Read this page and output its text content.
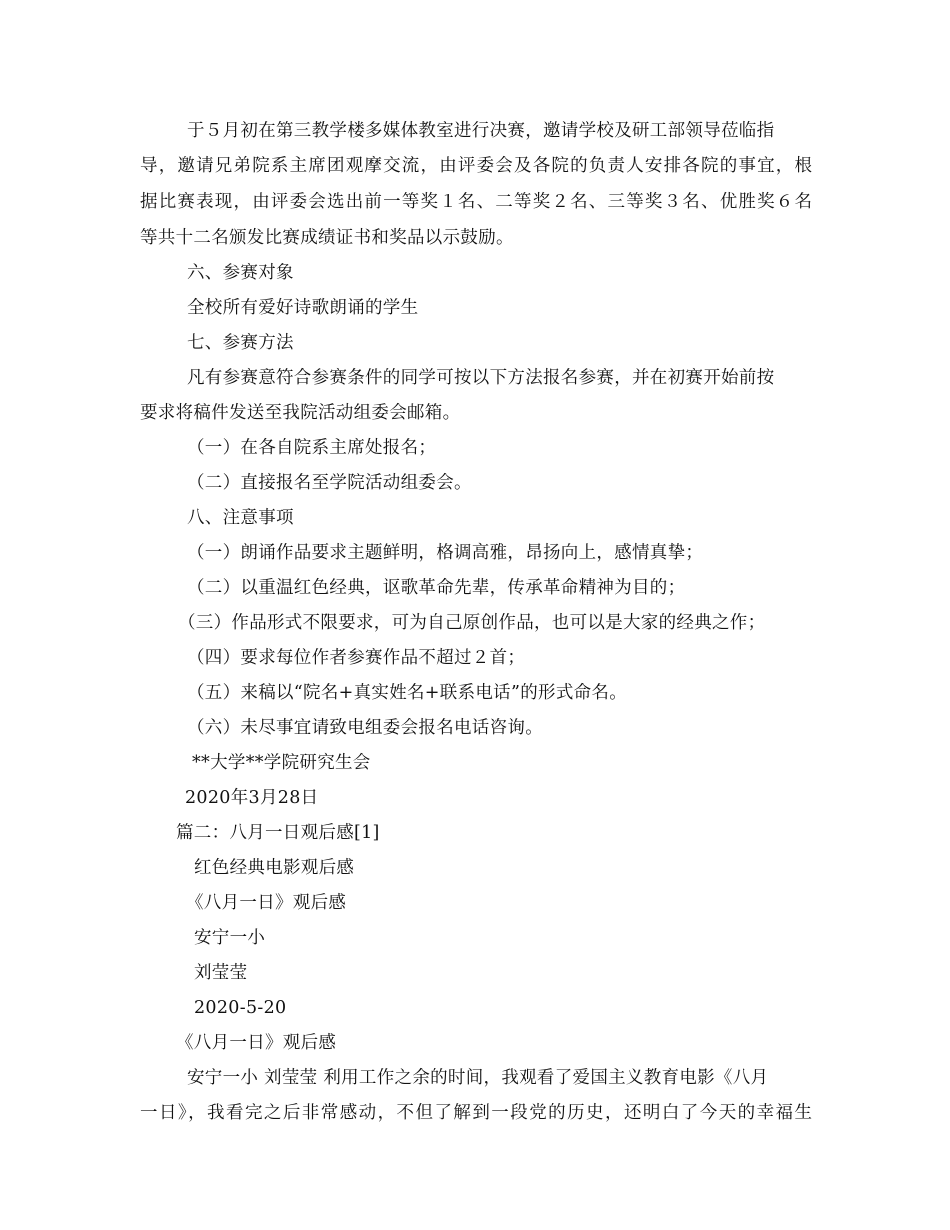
于５月初在第三教学楼多媒体教室进行决赛，邀请学校及研工部领导莅临指
导，邀请兄弟院系主席团观摩交流，由评委会及各院的负责人安排各院的事宜，根
据比赛表现，由评委会选出前一等奖１名、二等奖２名、三等奖３名、优胜奖６名
等共十二名颁发比赛成绩证书和奖品以示鼓励。
六、参赛对象
全校所有爱好诗歌朗诵的学生
七、参赛方法
凡有参赛意符合参赛条件的同学可按以下方法报名参赛，并在初赛开始前按
要求将稿件发送至我院活动组委会邮箱。
（一）在各自院系主席处报名；
（二）直接报名至学院活动组委会。
八、注意事项
（一）朗诵作品要求主题鲜明，格调高雅，昂扬向上，感情真挚；
（二）以重温红色经典，讴歌革命先辈，传承革命精神为目的；
（三）作品形式不限要求，可为自己原创作品，也可以是大家的经典之作；
（四）要求每位作者参赛作品不超过２首；
（五）来稿以“院名+真实姓名+联系电话”的形式命名。
（六）未尽事宜请致电组委会报名电话咨询。
**大学**学院研究生会
2020年3月28日
篇二：八月一日观后感[1]
红色经典电影观后感
《八月一日》观后感
安宁一小
刘莹莹
2020-5-20
《八月一日》观后感
安宁一小 刘莹莹 利用工作之余的时间，我观看了爱国主义教育电影《八月
一日》，我看完之后非常感动，不但了解到一段党的历史，还明白了今天的幸福生
